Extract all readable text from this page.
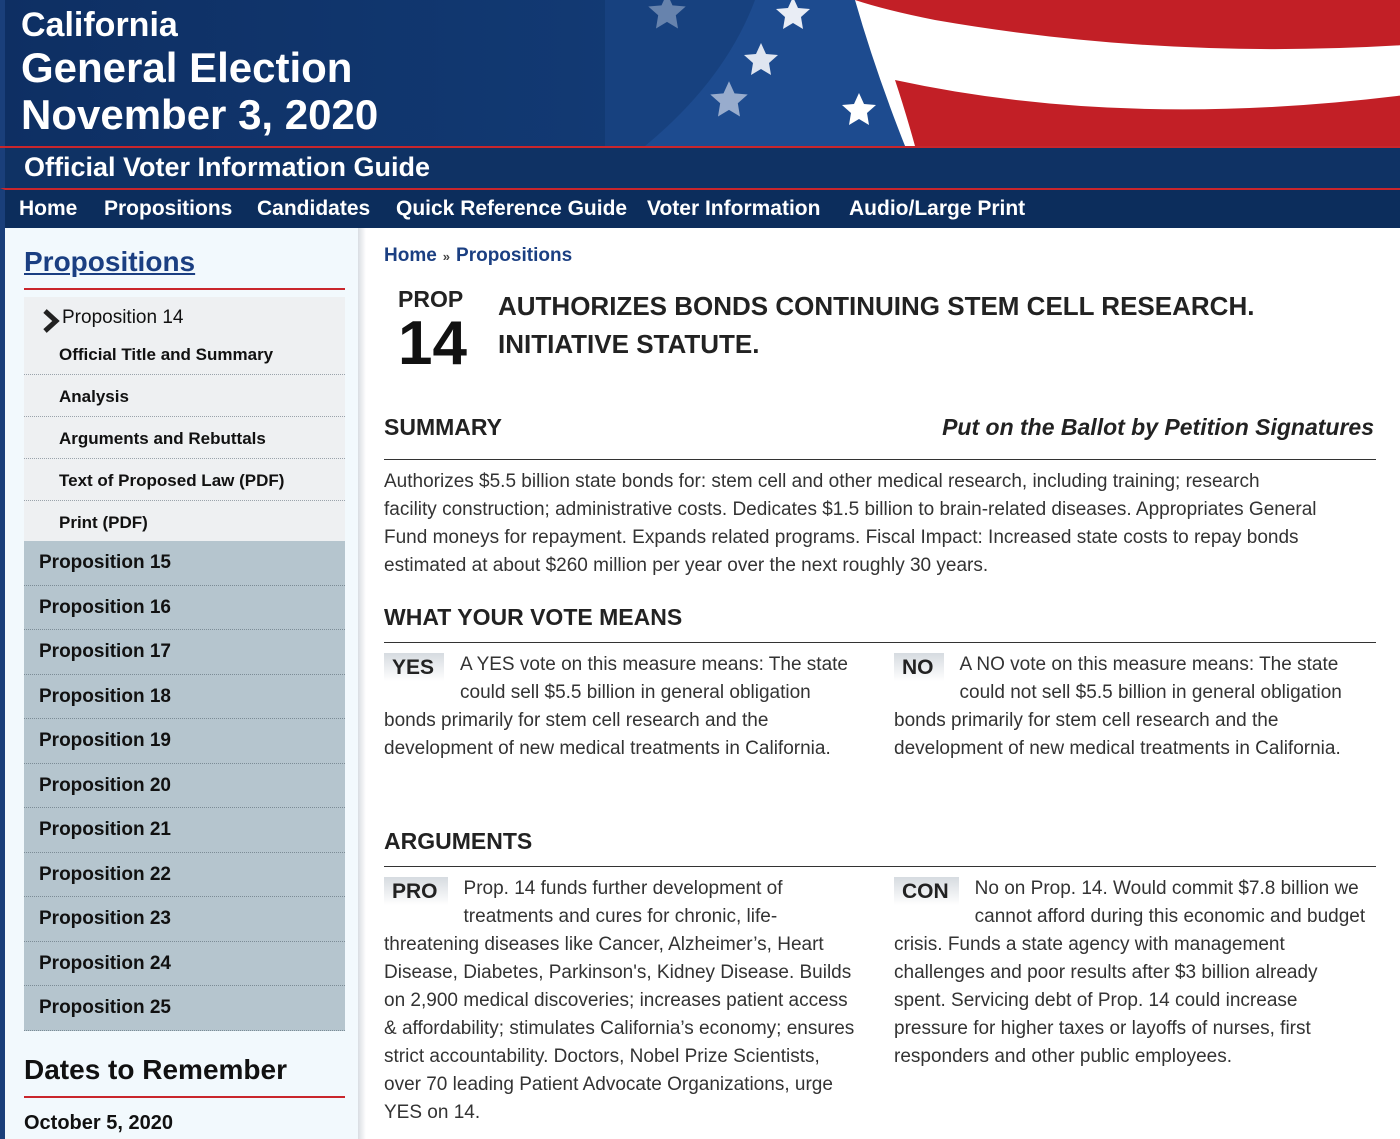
California
General Election
November 3, 2020
Official Voter Information Guide
Home Propositions Candidates Quick Reference Guide Voter Information Audio/Large Print
Propositions
Proposition 14
Official Title and Summary
Analysis
Arguments and Rebuttals
Text of Proposed Law (PDF)
Print (PDF)
Proposition 15
Proposition 16
Proposition 17
Proposition 18
Proposition 19
Proposition 20
Proposition 21
Proposition 22
Proposition 23
Proposition 24
Proposition 25
Dates to Remember
October 5, 2020
Home » Propositions
PROP
14
AUTHORIZES BONDS CONTINUING STEM CELL RESEARCH.
INITIATIVE STATUTE.
SUMMARY	Put on the Ballot by Petition Signatures
Authorizes $5.5 billion state bonds for: stem cell and other medical research, including training; research
facility construction; administrative costs. Dedicates $1.5 billion to brain-related diseases. Appropriates General
Fund moneys for repayment. Expands related programs. Fiscal Impact: Increased state costs to repay bonds
estimated at about $260 million per year over the next roughly 30 years.
WHAT YOUR VOTE MEANS
YES	A YES vote on this measure means: The state could sell $5.5 billion in general obligation bonds primarily for stem cell research and the development of new medical treatments in California.
NO	A NO vote on this measure means: The state could not sell $5.5 billion in general obligation bonds primarily for stem cell research and the development of new medical treatments in California.
ARGUMENTS
PRO	Prop. 14 funds further development of treatments and cures for chronic, life-threatening diseases like Cancer, Alzheimer’s, Heart Disease, Diabetes, Parkinson's, Kidney Disease. Builds on 2,900 medical discoveries; increases patient access & affordability; stimulates California’s economy; ensures strict accountability. Doctors, Nobel Prize Scientists, over 70 leading Patient Advocate Organizations, urge YES on 14.
CON	No on Prop. 14. Would commit $7.8 billion we cannot afford during this economic and budget crisis. Funds a state agency with management challenges and poor results after $3 billion already spent. Servicing debt of Prop. 14 could increase pressure for higher taxes or layoffs of nurses, first responders and other public employees.
